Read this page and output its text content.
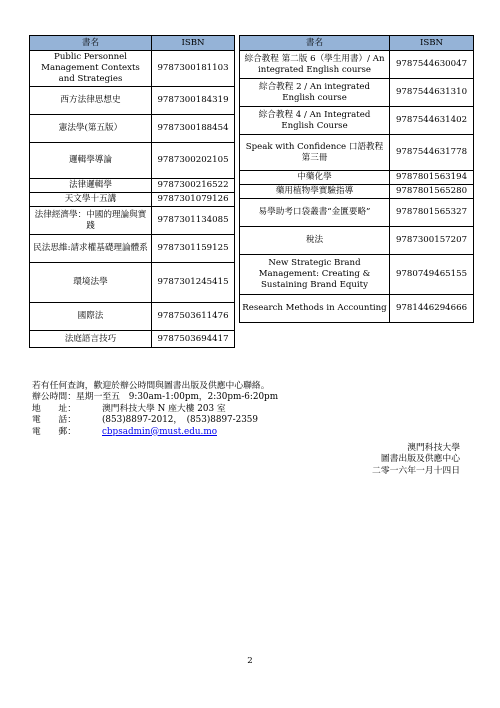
書名	ISBN
Public Personnel Management Contexts and Strategies	9787300181103
西方法律思想史	9787300184319
憲法學(第五版）	9787300188454
邏輯學導論	9787300202105
法律邏輯學	9787300216522
天文學十五講	9787301079126
法律經濟學：中國的理論與實踐	9787301134085
民法思維:請求權基礎理論體系	9787301159125
環境法學	9787301245415
國際法	9787503611476
法庭語言技巧	9787503694417
書名	ISBN
綜合教程 第二版 6（學生用書）/ An integrated English course	9787544630047
綜合教程 2 / An integrated English course	9787544631310
綜合教程 4 / An Integrated English Course	9787544631402
Speak with Confidence 口語教程 第三冊	9787544631778
中藥化學	9787801563194
藥用植物學實驗指導	9787801565280
易學助考口袋叢書“金匱要略”	9787801565327
稅法	9787300157207
New Strategic Brand Management: Creating & Sustaining Brand Equity	9780749465155
Research Methods in Accounting	9781446294666
若有任何查詢，歡迎於辦公時間與圖書出版及供應中心聯絡。
辦公時間：星期一至五　9:30am-1:00pm，2:30pm-6:20pm
地　　址：	澳門科技大學 N 座大樓 203 室
電　　話：	(853)8897-2012，　(853)8897-2359
電　　郵：	cbpsadmin@must.edu.mo
澳門科技大學
圖書出版及供應中心
二零一六年一月十四日
2
